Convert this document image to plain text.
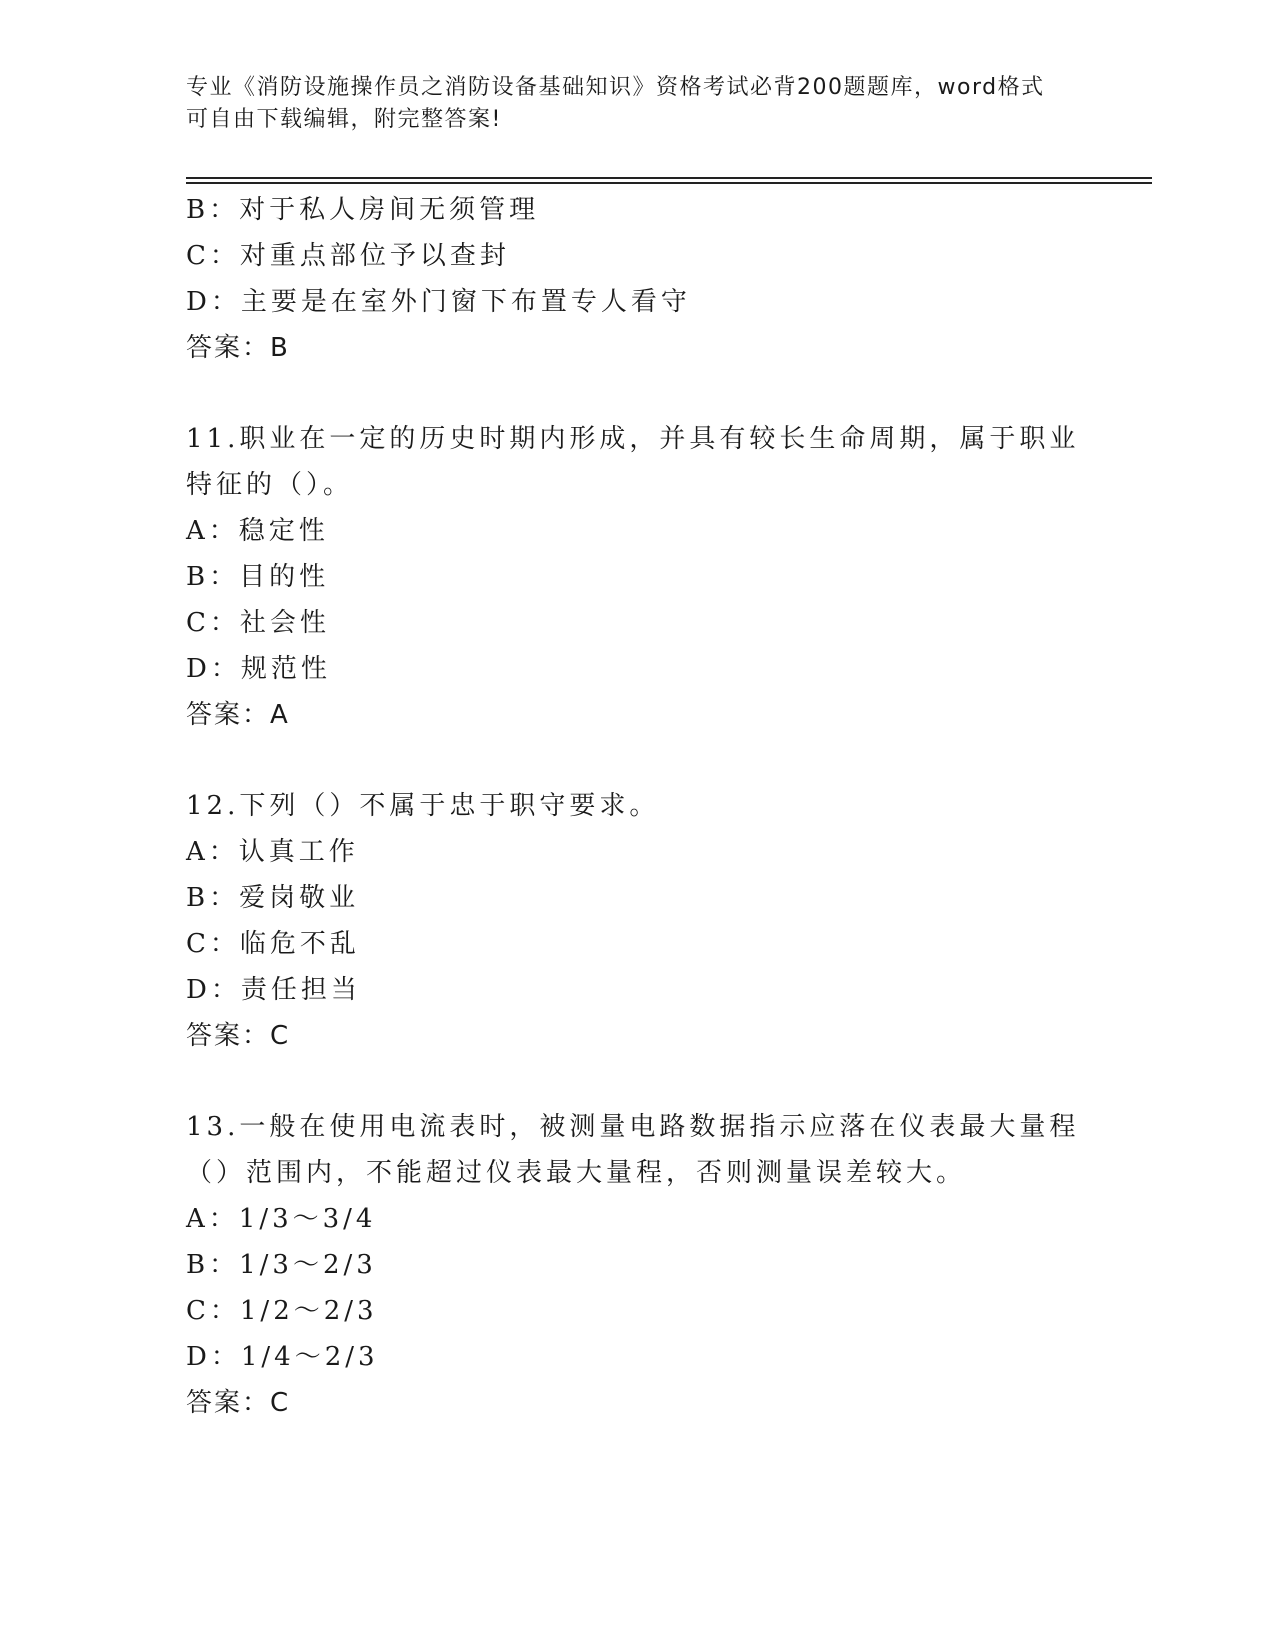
专业《消防设施操作员之消防设备基础知识》资格考试必背200题题库，word格式可自由下载编辑，附完整答案!
B：对于私人房间无须管理
C：对重点部位予以查封
D：主要是在室外门窗下布置专人看守
答案：B
11.职业在一定的历史时期内形成，并具有较长生命周期，属于职业特征的（）。
A：稳定性
B：目的性
C：社会性
D：规范性
答案：A
12.下列（）不属于忠于职守要求。
A：认真工作
B：爱岗敬业
C：临危不乱
D：责任担当
答案：C
13.一般在使用电流表时，被测量电路数据指示应落在仪表最大量程（）范围内，不能超过仪表最大量程，否则测量误差较大。
A：1/3～3/4
B：1/3～2/3
C：1/2～2/3
D：1/4～2/3
答案：C
